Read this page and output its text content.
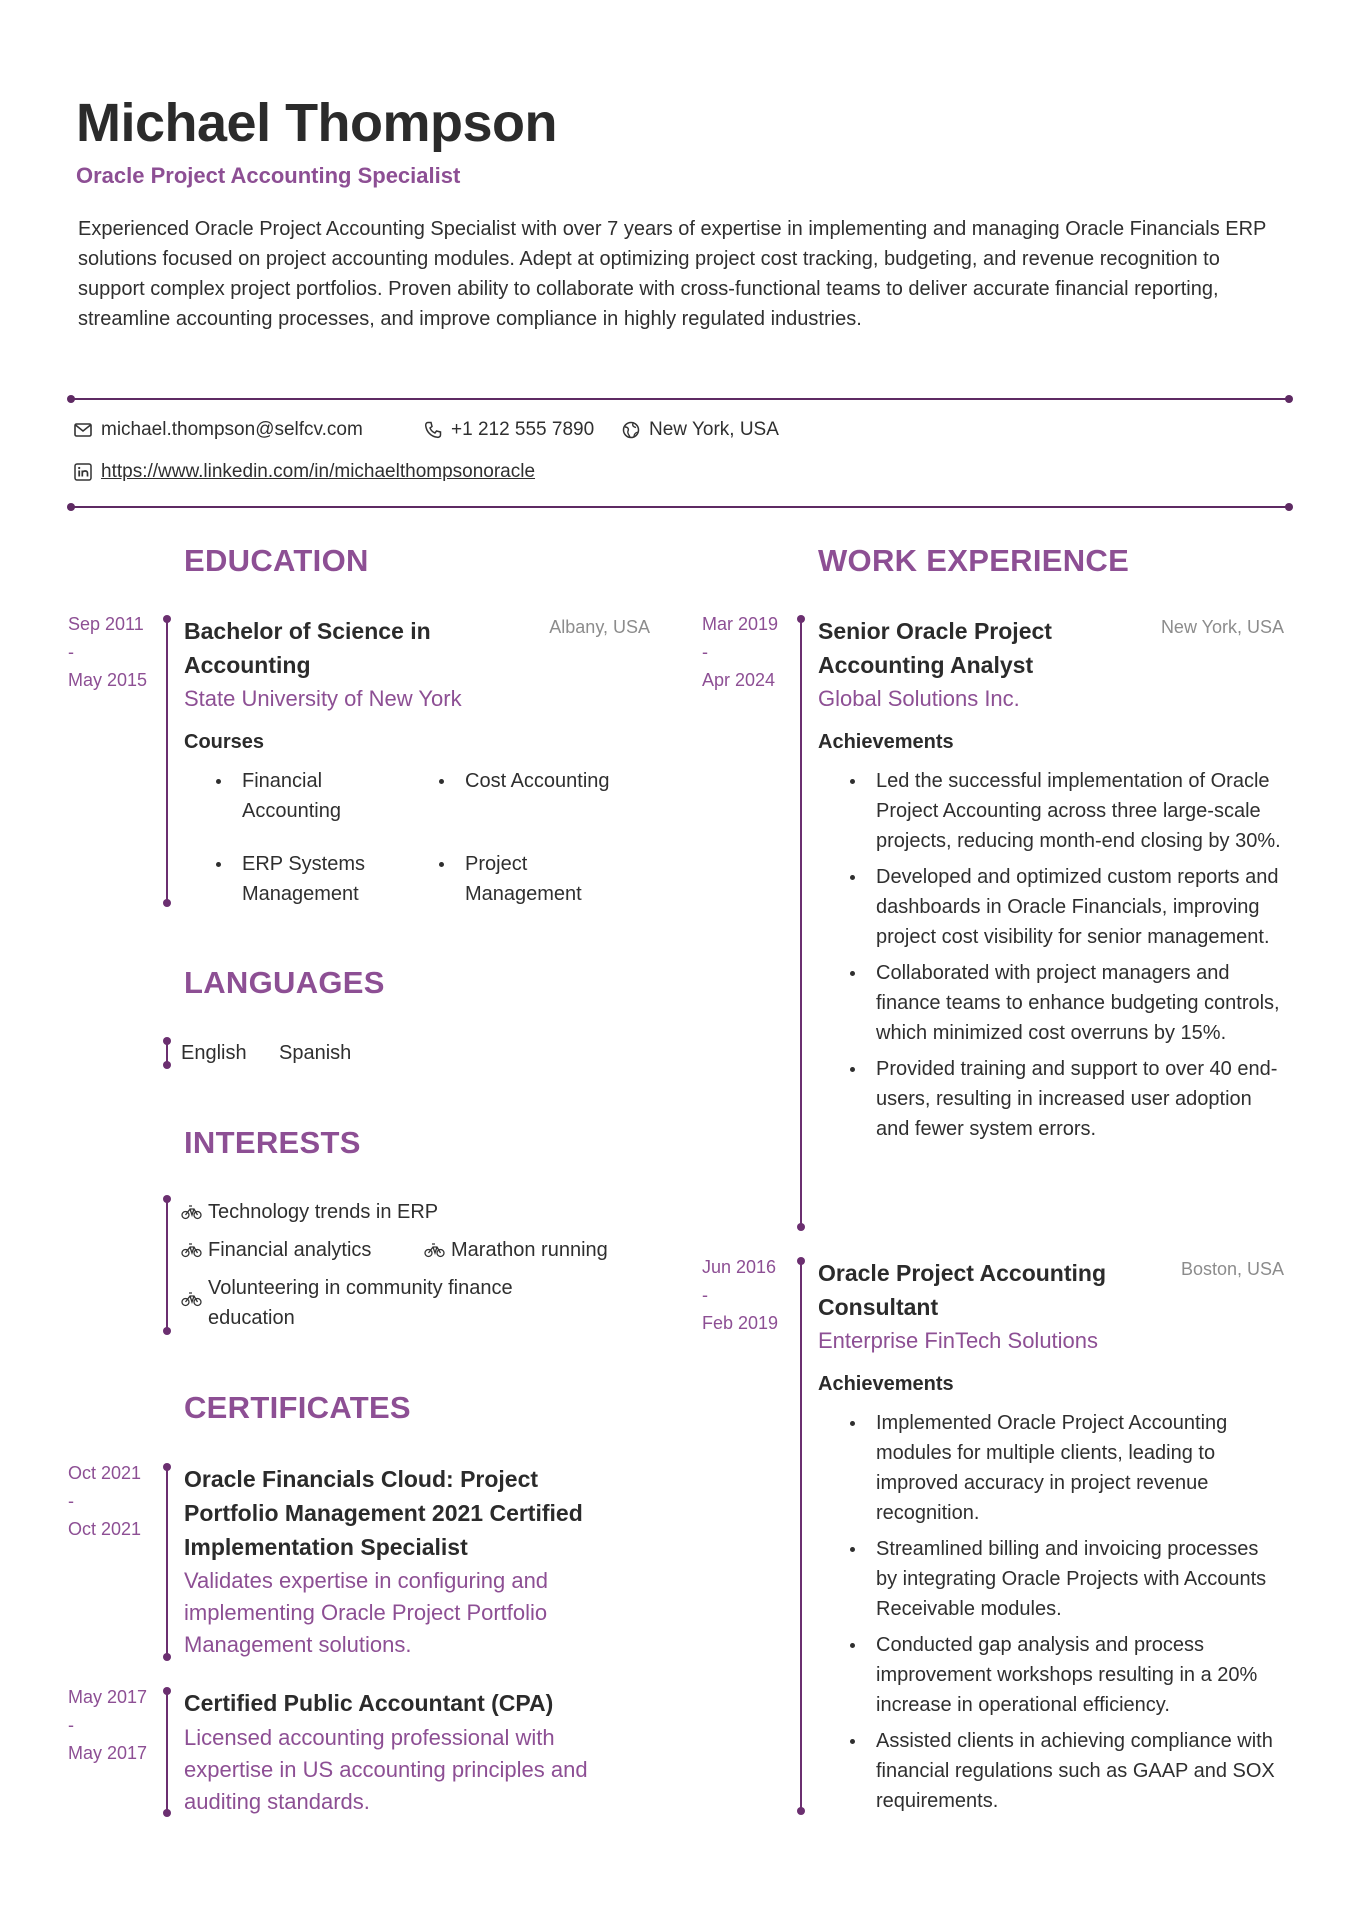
Michael Thompson
Oracle Project Accounting Specialist

Experienced Oracle Project Accounting Specialist with over 7 years of expertise in implementing and managing Oracle Financials ERP solutions focused on project accounting modules. Adept at optimizing project cost tracking, budgeting, and revenue recognition to support complex project portfolios. Proven ability to collaborate with cross-functional teams to deliver accurate financial reporting, streamline accounting processes, and improve compliance in highly regulated industries.

michael.thompson@selfcv.com	+1 212 555 7890	New York, USA
https://www.linkedin.com/in/michaelthompsonoracle
EDUCATION
Sep 2011
-
May 2015
Bachelor of Science in Accounting
Albany, USA
State University of New York
Courses
Financial Accounting
Cost Accounting
ERP Systems Management
Project Management
LANGUAGES
English Spanish
INTERESTS
Technology trends in ERP
Financial analytics	Marathon running
Volunteering in community finance education
CERTIFICATES
Oct 2021
-
Oct 2021
Oracle Financials Cloud: Project Portfolio Management 2021 Certified Implementation Specialist
Validates expertise in configuring and implementing Oracle Project Portfolio Management solutions.
May 2017
-
May 2017
Certified Public Accountant (CPA)
Licensed accounting professional with expertise in US accounting principles and auditing standards.
WORK EXPERIENCE
Mar 2019
-
Apr 2024
Senior Oracle Project Accounting Analyst
New York, USA
Global Solutions Inc.
Achievements
Led the successful implementation of Oracle Project Accounting across three large-scale projects, reducing month-end closing by 30%.
Developed and optimized custom reports and dashboards in Oracle Financials, improving project cost visibility for senior management.
Collaborated with project managers and finance teams to enhance budgeting controls, which minimized cost overruns by 15%.
Provided training and support to over 40 end-users, resulting in increased user adoption and fewer system errors.
Jun 2016
-
Feb 2019
Oracle Project Accounting Consultant
Boston, USA
Enterprise FinTech Solutions
Achievements
Implemented Oracle Project Accounting modules for multiple clients, leading to improved accuracy in project revenue recognition.
Streamlined billing and invoicing processes by integrating Oracle Projects with Accounts Receivable modules.
Conducted gap analysis and process improvement workshops resulting in a 20% increase in operational efficiency.
Assisted clients in achieving compliance with financial regulations such as GAAP and SOX requirements.
